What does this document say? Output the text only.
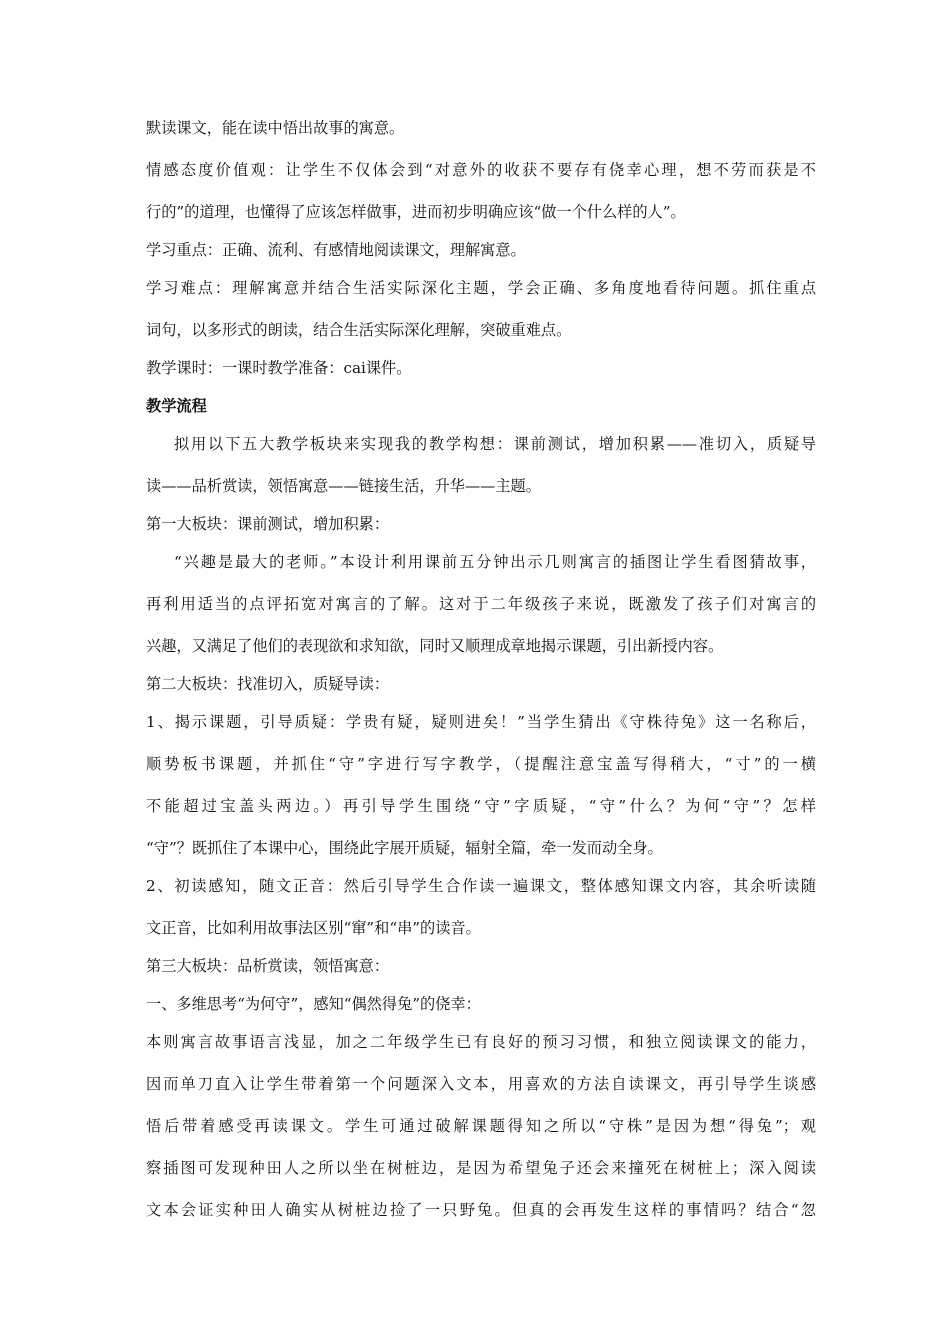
默读课文，能在读中悟出故事的寓意。

情感态度价值观：让学生不仅体会到“对意外的收获不要存有侥幸心理，想不劳而获是不

行的”的道理，也懂得了应该怎样做事，进而初步明确应该“做一个什么样的人”。

学习重点：正确、流利、有感情地阅读课文，理解寓意。

学习难点：理解寓意并结合生活实际深化主题，学会正确、多角度地看待问题。抓住重点

词句，以多形式的朗读，结合生活实际深化理解，突破重难点。

教学课时：一课时教学准备：cai课件。

教学流程

拟用以下五大教学板块来实现我的教学构想：课前测试，增加积累——准切入，质疑导

读——品析赏读，领悟寓意——链接生活，升华——主题。

第一大板块：课前测试，增加积累：

“兴趣是最大的老师。”本设计利用课前五分钟出示几则寓言的插图让学生看图猜故事，

再利用适当的点评拓宽对寓言的了解。这对于二年级孩子来说，既激发了孩子们对寓言的

兴趣，又满足了他们的表现欲和求知欲，同时又顺理成章地揭示课题，引出新授内容。

第二大板块：找准切入，质疑导读：

1、揭示课题，引导质疑：学贵有疑，疑则进矣！”当学生猜出《守株待兔》这一名称后，

顺势板书课题，并抓住“守”字进行写字教学，（提醒注意宝盖写得稍大，“寸”的一横

不能超过宝盖头两边。）再引导学生围绕“守”字质疑，“守”什么？为何“守”？怎样

“守”？既抓住了本课中心，围绕此字展开质疑，辐射全篇，牵一发而动全身。

2、初读感知，随文正音：然后引导学生合作读一遍课文，整体感知课文内容，其余听读随

文正音，比如利用故事法区别“窜”和“串”的读音。

第三大板块：品析赏读，领悟寓意：

一、多维思考“为何守”，感知“偶然得兔”的侥幸：

本则寓言故事语言浅显，加之二年级学生已有良好的预习习惯，和独立阅读课文的能力，

因而单刀直入让学生带着第一个问题深入文本，用喜欢的方法自读课文，再引导学生谈感

悟后带着感受再读课文。学生可通过破解课题得知之所以“守株”是因为想“得兔”；观

察插图可发现种田人之所以坐在树桩边，是因为希望兔子还会来撞死在树桩上；深入阅读

文本会证实种田人确实从树桩边捡了一只野兔。但真的会再发生这样的事情吗？结合“忽
